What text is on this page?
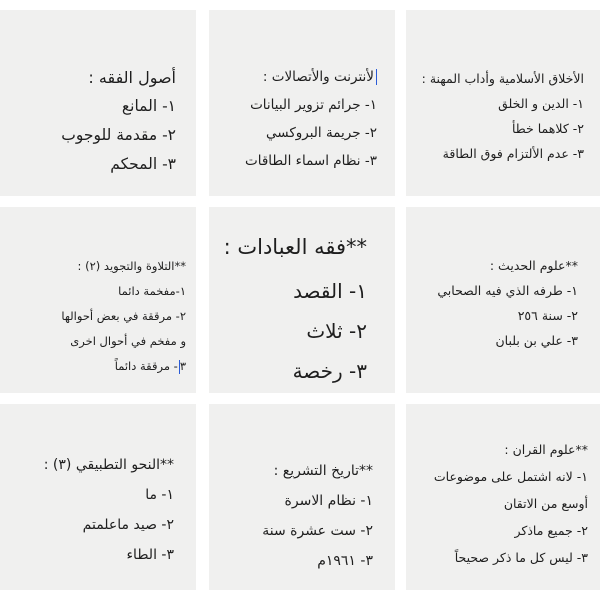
الأخلاق الأسلامية وأداب المهنة :
١- الدين و الخلق
٢- كلاهما خطأ
٣- عدم الألتزام فوق الطاقة
لأنترنت والأتصالات :
١- جرائم تزوير البيانات
٢- جريمة البروكسي
٣- نظام اسماء الطاقات
أصول الفقه :
١- المانع
٢- مقدمة للوجوب
٣- المحكم
**علوم الحديث :
١- طرفه الذي فيه الصحابي
٢- سنة ٢٥٦
٣- علي بن بلبان
**فقه العبادات :
١- القصد
٢- ثلاث
٣- رخصة
**التلاوة والتجويد (٢) :
١-مفخمة دائما
٢- مرققة في بعض أحوالها
و مفخم في أحوال اخرى
٣- مرققة دائماً
**علوم القران :
١- لانه اشتمل على موضوعات
أوسع من الاتقان
٢- جميع ماذكر
٣- ليس كل ما ذكر صحيحاً
**تاريخ التشريع :
١- نظام الاسرة
٢- ست عشرة سنة
٣- ١٩٦١م
**النحو التطبيقي (٣) :
١- ما
٢- صيد ماعلمتم
٣- الطاء
